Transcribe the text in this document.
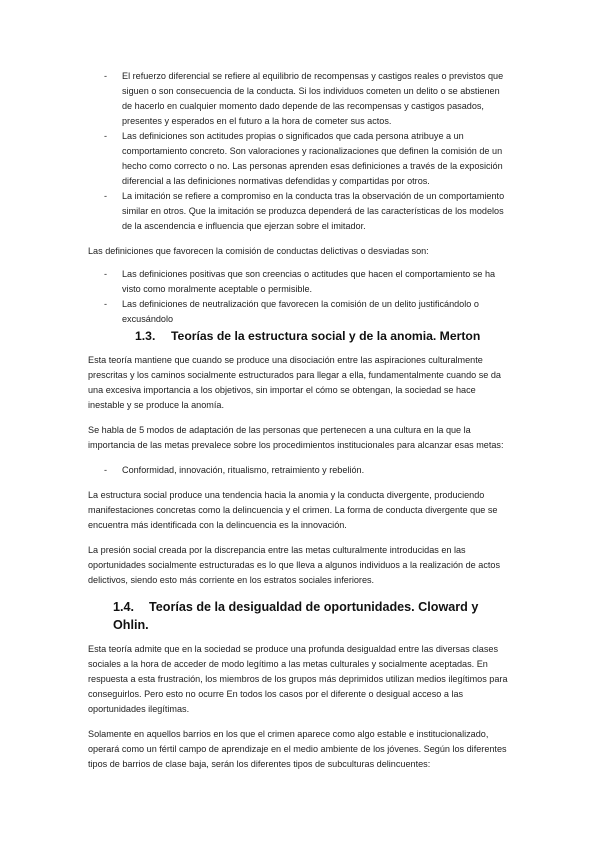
- El refuerzo diferencial se refiere al equilibrio de recompensas y castigos reales o previstos que siguen o son consecuencia de la conducta. Si los individuos cometen un delito o se abstienen de hacerlo en cualquier momento dado depende de las recompensas y castigos pasados, presentes y esperados en el futuro a la hora de cometer sus actos.

- Las definiciones son actitudes propias o significados que cada persona atribuye a un comportamiento concreto. Son valoraciones y racionalizaciones que definen la comisión de un hecho como correcto o no. Las personas aprenden esas definiciones a través de la exposición diferencial a las definiciones normativas defendidas y compartidas por otros.

- La imitación se refiere a compromiso en la conducta tras la observación de un comportamiento similar en otros. Que la imitación se produzca dependerá de las características de los modelos de la ascendencia e influencia que ejerzan sobre el imitador.

Las definiciones que favorecen la comisión de conductas delictivas o desviadas son:

- Las definiciones positivas que son creencias o actitudes que hacen el comportamiento se ha visto como moralmente aceptable o permisible.

- Las definiciones de neutralización que favorecen la comisión de un delito justificándolo o excusándolo

1.3. Teorías de la estructura social y de la anomia. Merton

Esta teoría mantiene que cuando se produce una disociación entre las aspiraciones culturalmente prescritas y los caminos socialmente estructurados para llegar a ella, fundamentalmente cuando se da una excesiva importancia a los objetivos, sin importar el cómo se obtengan, la sociedad se hace inestable y se produce la anomía.

Se habla de 5 modos de adaptación de las personas que pertenecen a una cultura en la que la importancia de las metas prevalece sobre los procedimientos institucionales para alcanzar esas metas:

- Conformidad, innovación, ritualismo, retraimiento y rebelión.

La estructura social produce una tendencia hacia la anomia y la conducta divergente, produciendo manifestaciones concretas como la delincuencia y el crimen. La forma de conducta divergente que se encuentra más identificada con la delincuencia es la innovación.

La presión social creada por la discrepancia entre las metas culturalmente introducidas en las oportunidades socialmente estructuradas es lo que lleva a algunos individuos a la realización de actos delictivos, siendo esto más corriente en los estratos sociales inferiores.

1.4. Teorías de la desigualdad de oportunidades. Cloward y Ohlin.

Esta teoría admite que en la sociedad se produce una profunda desigualdad entre las diversas clases sociales a la hora de acceder de modo legítimo a las metas culturales y socialmente aceptadas. En respuesta a esta frustración, los miembros de los grupos más deprimidos utilizan medios ilegítimos para conseguirlos. Pero esto no ocurre En todos los casos por el diferente o desigual acceso a las oportunidades ilegítimas.

Solamente en aquellos barrios en los que el crimen aparece como algo estable e institucionalizado, operará como un fértil campo de aprendizaje en el medio ambiente de los jóvenes. Según los diferentes tipos de barrios de clase baja, serán los diferentes tipos de subculturas delincuentes:
